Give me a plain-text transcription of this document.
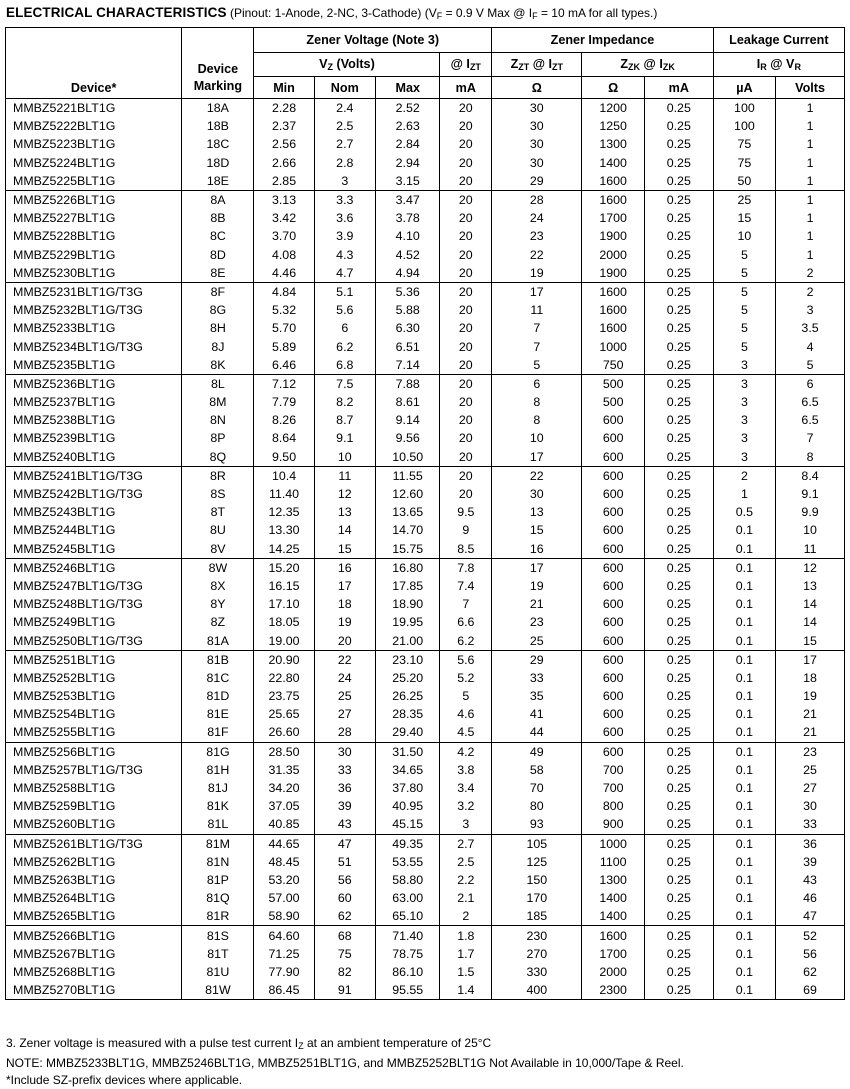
ELECTRICAL CHARACTERISTICS (Pinout: 1-Anode, 2-NC, 3-Cathode) ($V_F = 0.9$ V Max @ $I_F = 10$ mA for all types.)
Device*	Device Marking	Zener Voltage (Note 3)				Zener Impedance			Leakage Current	
		$V_Z$ (Volts)			@ $I_{ZT}$	$Z_{ZT}$ @ $I_{ZT}$	$Z_{ZK}$ @ $I_{ZK}$		$I_R$ @ $V_R$
		Min	Nom	Max	mA	Ω	Ω	mA	µA	Volts
MMBZ5221BLT1G	18A	2.28	2.4	2.52	20	30	1200	0.25	100	1
MMBZ5222BLT1G	18B	2.37	2.5	2.63	20	30	1250	0.25	100	1
MMBZ5223BLT1G	18C	2.56	2.7	2.84	20	30	1300	0.25	75	1
MMBZ5224BLT1G	18D	2.66	2.8	2.94	20	30	1400	0.25	75	1
MMBZ5225BLT1G	18E	2.85	3	3.15	20	29	1600	0.25	50	1
MMBZ5226BLT1G	8A	3.13	3.3	3.47	20	28	1600	0.25	25	1
MMBZ5227BLT1G	8B	3.42	3.6	3.78	20	24	1700	0.25	15	1
MMBZ5228BLT1G	8C	3.70	3.9	4.10	20	23	1900	0.25	10	1
MMBZ5229BLT1G	8D	4.08	4.3	4.52	20	22	2000	0.25	5	1
MMBZ5230BLT1G	8E	4.46	4.7	4.94	20	19	1900	0.25	5	2
MMBZ5231BLT1G/T3G	8F	4.84	5.1	5.36	20	17	1600	0.25	5	2
MMBZ5232BLT1G/T3G	8G	5.32	5.6	5.88	20	11	1600	0.25	5	3
MMBZ5233BLT1G	8H	5.70	6	6.30	20	7	1600	0.25	5	3.5
MMBZ5234BLT1G/T3G	8J	5.89	6.2	6.51	20	7	1000	0.25	5	4
MMBZ5235BLT1G	8K	6.46	6.8	7.14	20	5	750	0.25	3	5
MMBZ5236BLT1G	8L	7.12	7.5	7.88	20	6	500	0.25	3	6
MMBZ5237BLT1G	8M	7.79	8.2	8.61	20	8	500	0.25	3	6.5
MMBZ5238BLT1G	8N	8.26	8.7	9.14	20	8	600	0.25	3	6.5
MMBZ5239BLT1G	8P	8.64	9.1	9.56	20	10	600	0.25	3	7
MMBZ5240BLT1G	8Q	9.50	10	10.50	20	17	600	0.25	3	8
MMBZ5241BLT1G/T3G	8R	10.4	11	11.55	20	22	600	0.25	2	8.4
MMBZ5242BLT1G/T3G	8S	11.40	12	12.60	20	30	600	0.25	1	9.1
MMBZ5243BLT1G	8T	12.35	13	13.65	9.5	13	600	0.25	0.5	9.9
MMBZ5244BLT1G	8U	13.30	14	14.70	9	15	600	0.25	0.1	10
MMBZ5245BLT1G	8V	14.25	15	15.75	8.5	16	600	0.25	0.1	11
MMBZ5246BLT1G	8W	15.20	16	16.80	7.8	17	600	0.25	0.1	12
MMBZ5247BLT1G/T3G	8X	16.15	17	17.85	7.4	19	600	0.25	0.1	13
MMBZ5248BLT1G/T3G	8Y	17.10	18	18.90	7	21	600	0.25	0.1	14
MMBZ5249BLT1G	8Z	18.05	19	19.95	6.6	23	600	0.25	0.1	14
MMBZ5250BLT1G/T3G	81A	19.00	20	21.00	6.2	25	600	0.25	0.1	15
MMBZ5251BLT1G	81B	20.90	22	23.10	5.6	29	600	0.25	0.1	17
MMBZ5252BLT1G	81C	22.80	24	25.20	5.2	33	600	0.25	0.1	18
MMBZ5253BLT1G	81D	23.75	25	26.25	5	35	600	0.25	0.1	19
MMBZ5254BLT1G	81E	25.65	27	28.35	4.6	41	600	0.25	0.1	21
MMBZ5255BLT1G	81F	26.60	28	29.40	4.5	44	600	0.25	0.1	21
MMBZ5256BLT1G	81G	28.50	30	31.50	4.2	49	600	0.25	0.1	23
MMBZ5257BLT1G/T3G	81H	31.35	33	34.65	3.8	58	700	0.25	0.1	25
MMBZ5258BLT1G	81J	34.20	36	37.80	3.4	70	700	0.25	0.1	27
MMBZ5259BLT1G	81K	37.05	39	40.95	3.2	80	800	0.25	0.1	30
MMBZ5260BLT1G	81L	40.85	43	45.15	3	93	900	0.25	0.1	33
MMBZ5261BLT1G/T3G	81M	44.65	47	49.35	2.7	105	1000	0.25	0.1	36
MMBZ5262BLT1G	81N	48.45	51	53.55	2.5	125	1100	0.25	0.1	39
MMBZ5263BLT1G	81P	53.20	56	58.80	2.2	150	1300	0.25	0.1	43
MMBZ5264BLT1G	81Q	57.00	60	63.00	2.1	170	1400	0.25	0.1	46
MMBZ5265BLT1G	81R	58.90	62	65.10	2	185	1400	0.25	0.1	47
MMBZ5266BLT1G	81S	64.60	68	71.40	1.8	230	1600	0.25	0.1	52
MMBZ5267BLT1G	81T	71.25	75	78.75	1.7	270	1700	0.25	0.1	56
MMBZ5268BLT1G	81U	77.90	82	86.10	1.5	330	2000	0.25	0.1	62
MMBZ5270BLT1G	81W	86.45	91	95.55	1.4	400	2300	0.25	0.1	69
3. Zener voltage is measured with a pulse test current $I_Z$ at an ambient temperature of 25°C
NOTE: MMBZ5233BLT1G, MMBZ5246BLT1G, MMBZ5251BLT1G, and MMBZ5252BLT1G Not Available in 10,000/Tape & Reel.
*Include SZ-prefix devices where applicable.
